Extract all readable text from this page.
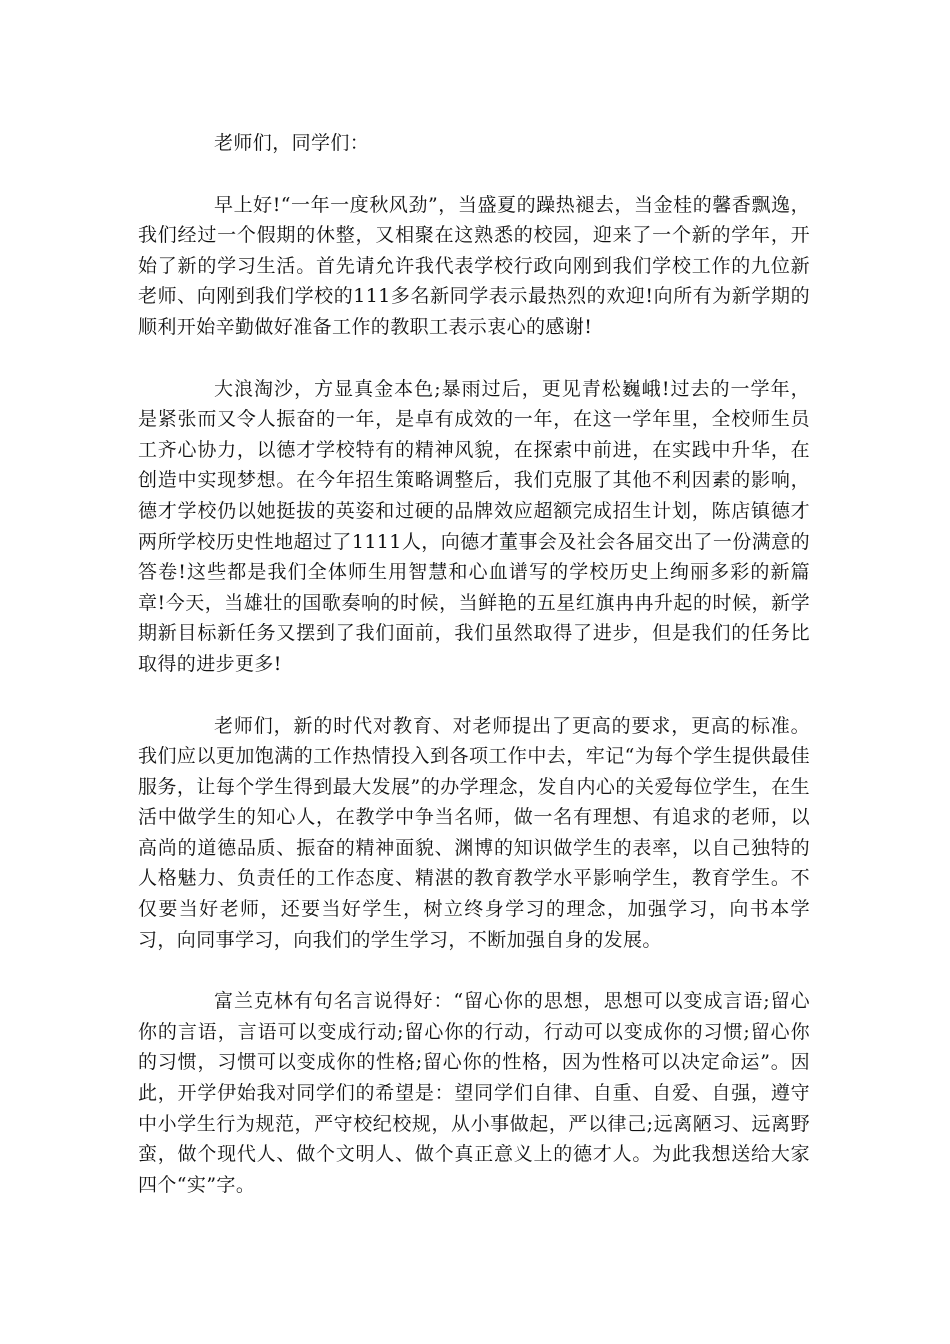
老师们，同学们：

早上好!“一年一度秋风劲”，当盛夏的躁热褪去，当金桂的馨香飘逸，我们经过一个假期的休整，又相聚在这熟悉的校园，迎来了一个新的学年，开始了新的学习生活。首先请允许我代表学校行政向刚到我们学校工作的九位新老师、向刚到我们学校的111多名新同学表示最热烈的欢迎!向所有为新学期的顺利开始辛勤做好准备工作的教职工表示衷心的感谢!

大浪淘沙，方显真金本色;暴雨过后，更见青松巍峨!过去的一学年，是紧张而又令人振奋的一年，是卓有成效的一年，在这一学年里，全校师生员工齐心协力，以德才学校特有的精神风貌，在探索中前进，在实践中升华，在创造中实现梦想。在今年招生策略调整后，我们克服了其他不利因素的影响，德才学校仍以她挺拔的英姿和过硬的品牌效应超额完成招生计划，陈店镇德才两所学校历史性地超过了1111人，向德才董事会及社会各届交出了一份满意的答卷!这些都是我们全体师生用智慧和心血谱写的学校历史上绚丽多彩的新篇章!今天，当雄壮的国歌奏响的时候，当鲜艳的五星红旗冉冉升起的时候，新学期新目标新任务又摆到了我们面前，我们虽然取得了进步，但是我们的任务比取得的进步更多!

老师们，新的时代对教育、对老师提出了更高的要求，更高的标准。我们应以更加饱满的工作热情投入到各项工作中去，牢记“为每个学生提供最佳服务，让每个学生得到最大发展”的办学理念，发自内心的关爱每位学生，在生活中做学生的知心人，在教学中争当名师，做一名有理想、有追求的老师，以高尚的道德品质、振奋的精神面貌、渊博的知识做学生的表率，以自己独特的人格魅力、负责任的工作态度、精湛的教育教学水平影响学生，教育学生。不仅要当好老师，还要当好学生，树立终身学习的理念，加强学习，向书本学习，向同事学习，向我们的学生学习，不断加强自身的发展。

富兰克林有句名言说得好：“留心你的思想，思想可以变成言语;留心你的言语，言语可以变成行动;留心你的行动，行动可以变成你的习惯;留心你的习惯，习惯可以变成你的性格;留心你的性格，因为性格可以决定命运”。因此，开学伊始我对同学们的希望是：望同学们自律、自重、自爱、自强，遵守中小学生行为规范，严守校纪校规，从小事做起，严以律己;远离陋习、远离野蛮，做个现代人、做个文明人、做个真正意义上的德才人。为此我想送给大家四个“实”字。
